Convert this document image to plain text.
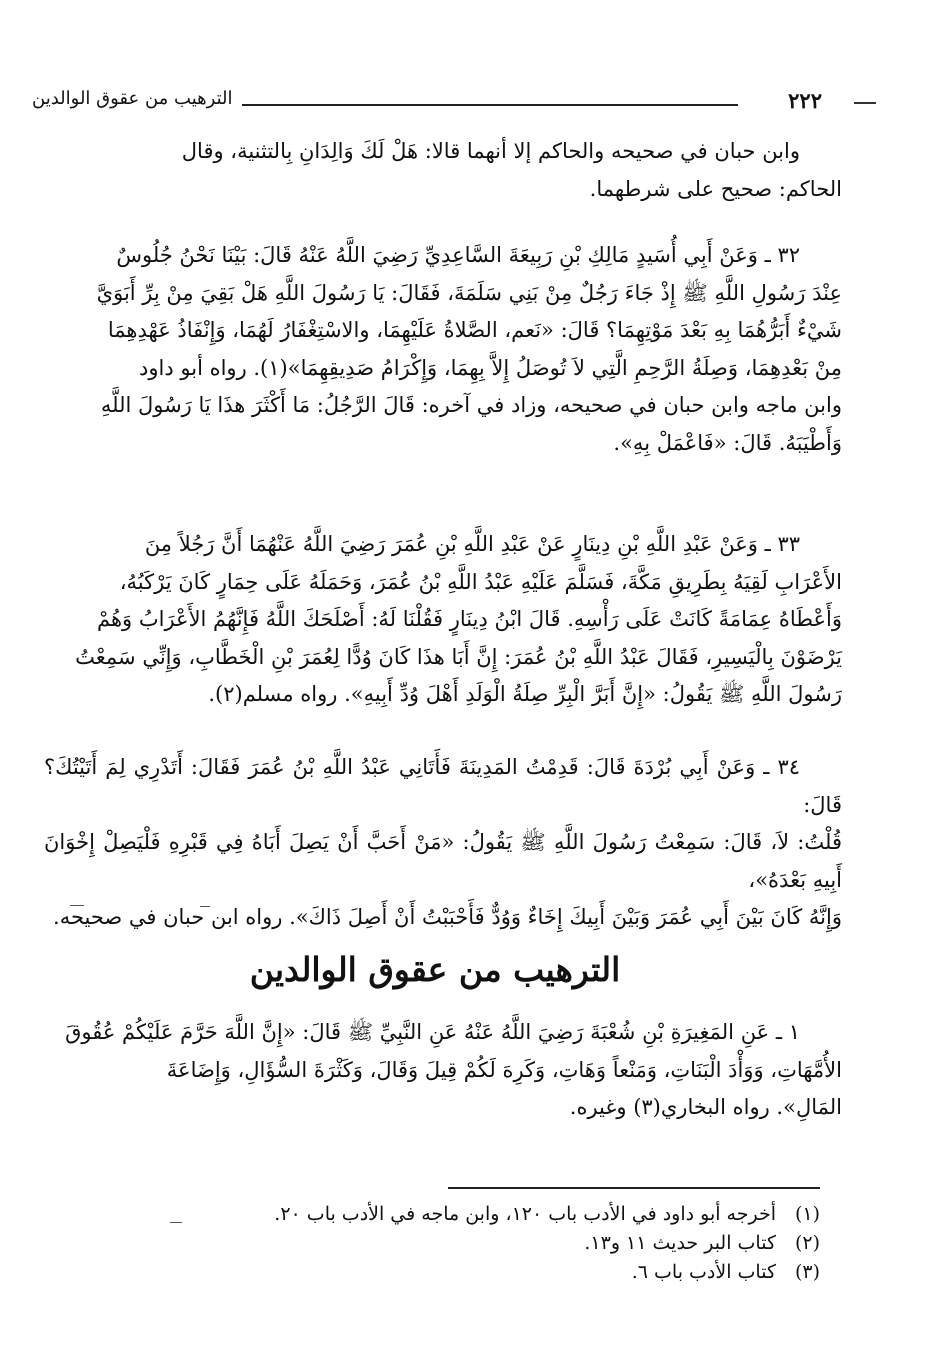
٢٢٢
الترهيب من عقوق الوالدين

وابن حبان في صحيحه والحاكم إلا أنهما قالا: هَلْ لَكَ وَالِدَانِ بِالتثنية، وقال

الحاكم: صحيح على شرطهما.

٣٢ ـ وَعَنْ أَبِي أُسَيدٍ مَالِكِ بْنِ رَبِيعَةَ السَّاعِدِيِّ رَضِيَ اللَّهُ عَنْهُ قَالَ: بَيْنَا نَحْنُ جُلُوسٌ

عِنْدَ رَسُولِ اللَّهِ ﷺ إِذْ جَاءَ رَجُلٌ مِنْ بَنِي سَلَمَةَ، فَقَالَ: يَا رَسُولَ اللَّهِ هَلْ بَقِيَ مِنْ بِرِّ أَبَوَيَّ

شَيْءٌ أَبَرُّهُمَا بِهِ بَعْدَ مَوْتِهِمَا؟ قَالَ: «نَعم، الصَّلاةُ عَلَيْهِمَا، والاسْتِغْفَارُ لَهُمَا، وَإِنْفَاذُ عَهْدِهِمَا

مِنْ بَعْدِهِمَا، وَصِلَةُ الرَّحِمِ الَّتِي لاَ تُوصَلُ إِلاَّ بِهِمَا، وَإِكْرَامُ صَدِيقِهِمَا»(١). رواه أبو داود

وابن ماجه وابن حبان في صحيحه، وزاد في آخره: قَالَ الرَّجُلُ: مَا أَكْثَرَ هذَا يَا رَسُولَ اللَّهِ

وَأَطْيَبَهُ. قَالَ: «فَاعْمَلْ بِهِ».

٣٣ ـ وَعَنْ عَبْدِ اللَّهِ بْنِ دِينَارٍ عَنْ عَبْدِ اللَّهِ بْنِ عُمَرَ رَضِيَ اللَّهُ عَنْهُمَا أَنَّ رَجُلاً مِنَ

الأَعْرَابِ لَقِيَهُ بِطَرِيقِ مَكَّةَ، فَسَلَّمَ عَلَيْهِ عَبْدُ اللَّهِ بْنُ عُمَرَ، وَحَمَلَهُ عَلَى حِمَارٍ كَانَ يَرْكَبُهُ،

وَأَعْطَاهُ عِمَامَةً كَانَتْ عَلَى رَأْسِهِ. قَالَ ابْنُ دِينَارٍ فَقُلْنَا لَهُ: أَصْلَحَكَ اللَّهُ فَإِنَّهُمُ الأَعْرَابُ وَهُمْ

يَرْضَوْنَ بِالْيَسِيرِ، فَقَالَ عَبْدُ اللَّهِ بْنُ عُمَرَ: إِنَّ أَبَا هذَا كَانَ وُدًّا لِعُمَرَ بْنِ الْخَطَّابِ، وَإِنِّي سَمِعْتُ

رَسُولَ اللَّهِ ﷺ يَقُولُ: «إِنَّ أَبَرَّ الْبِرِّ صِلَةُ الْوَلَدِ أَهْلَ وُدِّ أَبِيهِ». رواه مسلم(٢).

٣٤ ـ وَعَنْ أَبِي بُرْدَةَ قَالَ: قَدِمْتُ المَدِينَةَ فَأَتَانِي عَبْدُ اللَّهِ بْنُ عُمَرَ فَقَالَ: أَتَدْرِي لِمَ أَتَيْتُكَ؟ قَالَ:

قُلْتُ: لاَ، قَالَ: سَمِعْتُ رَسُولَ اللَّهِ ﷺ يَقُولُ: «مَنْ أَحَبَّ أَنْ يَصِلَ أَبَاهُ فِي قَبْرِهِ فَلْيَصِلْ إِخْوَانَ أَبِيهِ بَعْدَهُ»،

وَإِنَّهُ كَانَ بَيْنَ أَبِي عُمَرَ وَبَيْنَ أَبِيكَ إِخَاءٌ وَوُدٌّ فَأَحْبَبْتُ أَنْ أَصِلَ ذَاكَ». رواه ابن حبان في صحيحه.

الترهيب من عقوق الوالدين

١ ـ عَنِ المَغِيرَةِ بْنِ شُعْبَةَ رَضِيَ اللَّهُ عَنْهُ عَنِ النَّبِيِّ ﷺ قَالَ: «إِنَّ اللَّهَ حَرَّمَ عَلَيْكُمْ عُقُوقَ

الأُمَّهَاتِ، وَوَأْدَ الْبَنَاتِ، وَمَنْعاً وَهَاتِ، وَكَرِهَ لَكُمْ قِيلَ وَقَالَ، وَكَثْرَةَ السُّؤَالِ، وَإِضَاعَةَ

المَالِ». رواه البخاري(٣) وغيره.

(١)
أخرجه أبو داود في الأدب باب ١٢٠، وابن ماجه في الأدب باب ٢٠.
(٢)
كتاب البر حديث ١١ و١٣.
(٣)
كتاب الأدب باب ٦.
